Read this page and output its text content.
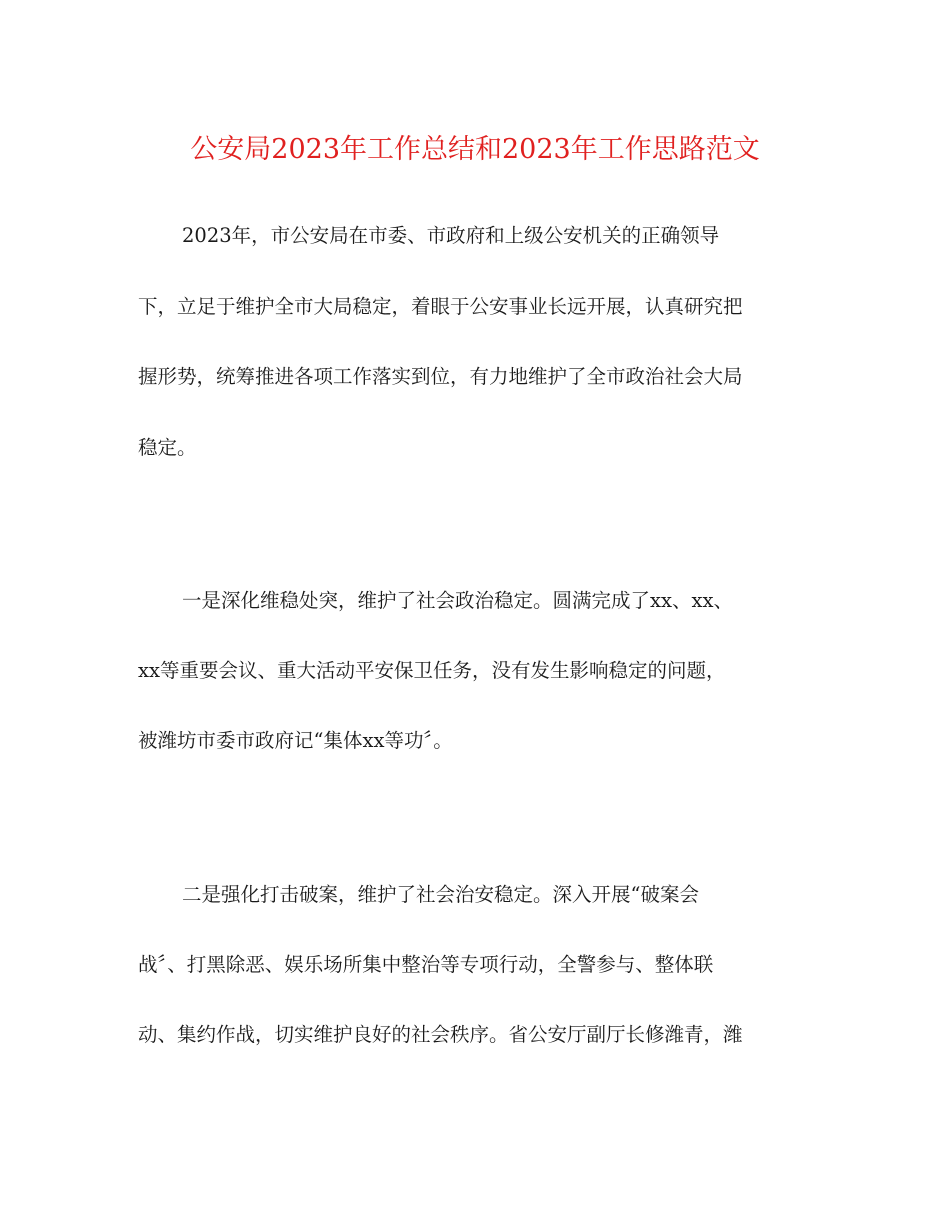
公安局2023年工作总结和2023年工作思路范文

2023年，市公安局在市委、市政府和上级公安机关的正确领导

下，立足于维护全市大局稳定，着眼于公安事业长远开展，认真研究把

握形势，统筹推进各项工作落实到位，有力地维护了全市政治社会大局

稳定。

一是深化维稳处突，维护了社会政治稳定。圆满完成了xx、xx、

xx等重要会议、重大活动平安保卫任务，没有发生影响稳定的问题，

被潍坊市委市政府记“集体xx等功〞。

二是强化打击破案，维护了社会治安稳定。深入开展“破案会

战〞、打黑除恶、娱乐场所集中整治等专项行动，全警参与、整体联

动、集约作战，切实维护良好的社会秩序。省公安厅副厅长修潍青，潍
